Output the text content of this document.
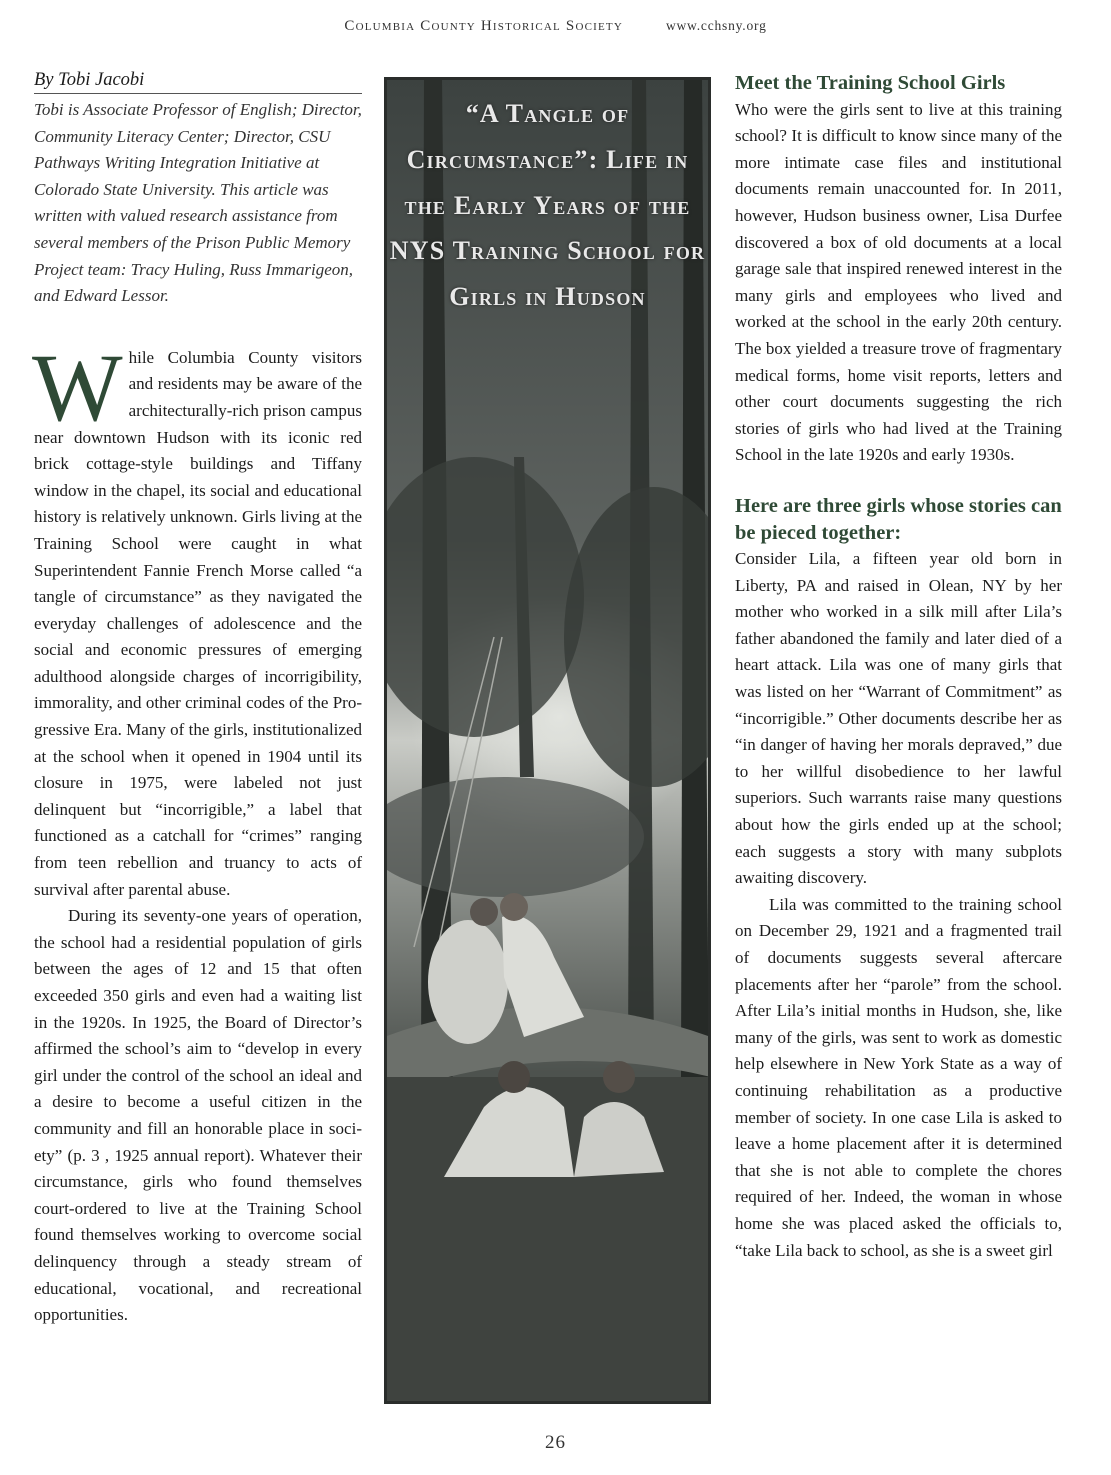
Columbia County Historical Society	www.cchsny.org
By Tobi Jacobi

Tobi is Associate Professor of English; Director, Community Literacy Center; Director, CSU Pathways Writing Integration Initiative at Colorado State University. This article was written with valued research assistance from several members of the Prison Public Memory Project team: Tracy Huling, Russ Immarigeon, and Edward Lessor.

While Columbia County visitors and residents may be aware of the architecturally-rich prison campus near downtown Hudson with its iconic red brick cottage-style buildings and Tiffany window in the chapel, its social and educational history is relatively unknown. Girls living at the Training School were caught in what Superintendent Fannie French Morse called “a tangle of circumstance” as they navigated the everyday challenges of adolescence and the social and economic pressures of emerging adulthood alongside charges of incorrigibility, immorality, and other criminal codes of the Progressive Era. Many of the girls, institutionalized at the school when it opened in 1904 until its closure in 1975, were labeled not just delinquent but “incorrigible,” a label that functioned as a catchall for “crimes” ranging from teen rebellion and truancy to acts of survival after parental abuse.

During its seventy-one years of operation, the school had a residential population of girls between the ages of 12 and 15 that often exceeded 350 girls and even had a waiting list in the 1920s. In 1925, the Board of Director’s affirmed the school’s aim to “develop in every girl under the control of the school an ideal and a desire to become a useful citizen in the community and fill an honorable place in society” (p. 3 , 1925 annual report). Whatever their circumstance, girls who found themselves court-ordered to live at the Training School found themselves working to overcome social delinquency through a steady stream of educational, vocational, and recreational opportunities.

“A Tangle of Circumstance”: Life in the Early Years of the NYS Training School for Girls in Hudson
Meet the Training School Girls

Who were the girls sent to live at this training school? It is difficult to know since many of the more intimate case files and institutional documents remain unaccounted for. In 2011, however, Hudson business owner, Lisa Durfee discovered a box of old documents at a local garage sale that inspired renewed interest in the many girls and employees who lived and worked at the school in the early 20th century. The box yielded a treasure trove of fragmentary medical forms, home visit reports, letters and other court documents suggesting the rich stories of girls who had lived at the Training School in the late 1920s and early 1930s.

Here are three girls whose stories can be pieced together:

Consider Lila, a fifteen year old born in Liberty, PA and raised in Olean, NY by her mother who worked in a silk mill after Lila’s father abandoned the family and later died of a heart attack. Lila was one of many girls that was listed on her “Warrant of Commitment” as “incorrigible.” Other documents describe her as “in danger of having her morals depraved,” due to her willful disobedience to her lawful superiors. Such warrants raise many questions about how the girls ended up at the school; each suggests a story with many subplots awaiting discovery.

Lila was committed to the training school on December 29, 1921 and a fragmented trail of documents suggests several aftercare placements after her “parole” from the school. After Lila’s initial months in Hudson, she, like many of the girls, was sent to work as domestic help elsewhere in New York State as a way of continuing rehabilitation as a productive member of society. In one case Lila is asked to leave a home placement after it is determined that she is not able to complete the chores required of her. Indeed, the woman in whose home she was placed asked the officials to, “take Lila back to school, as she is a sweet girl

26
